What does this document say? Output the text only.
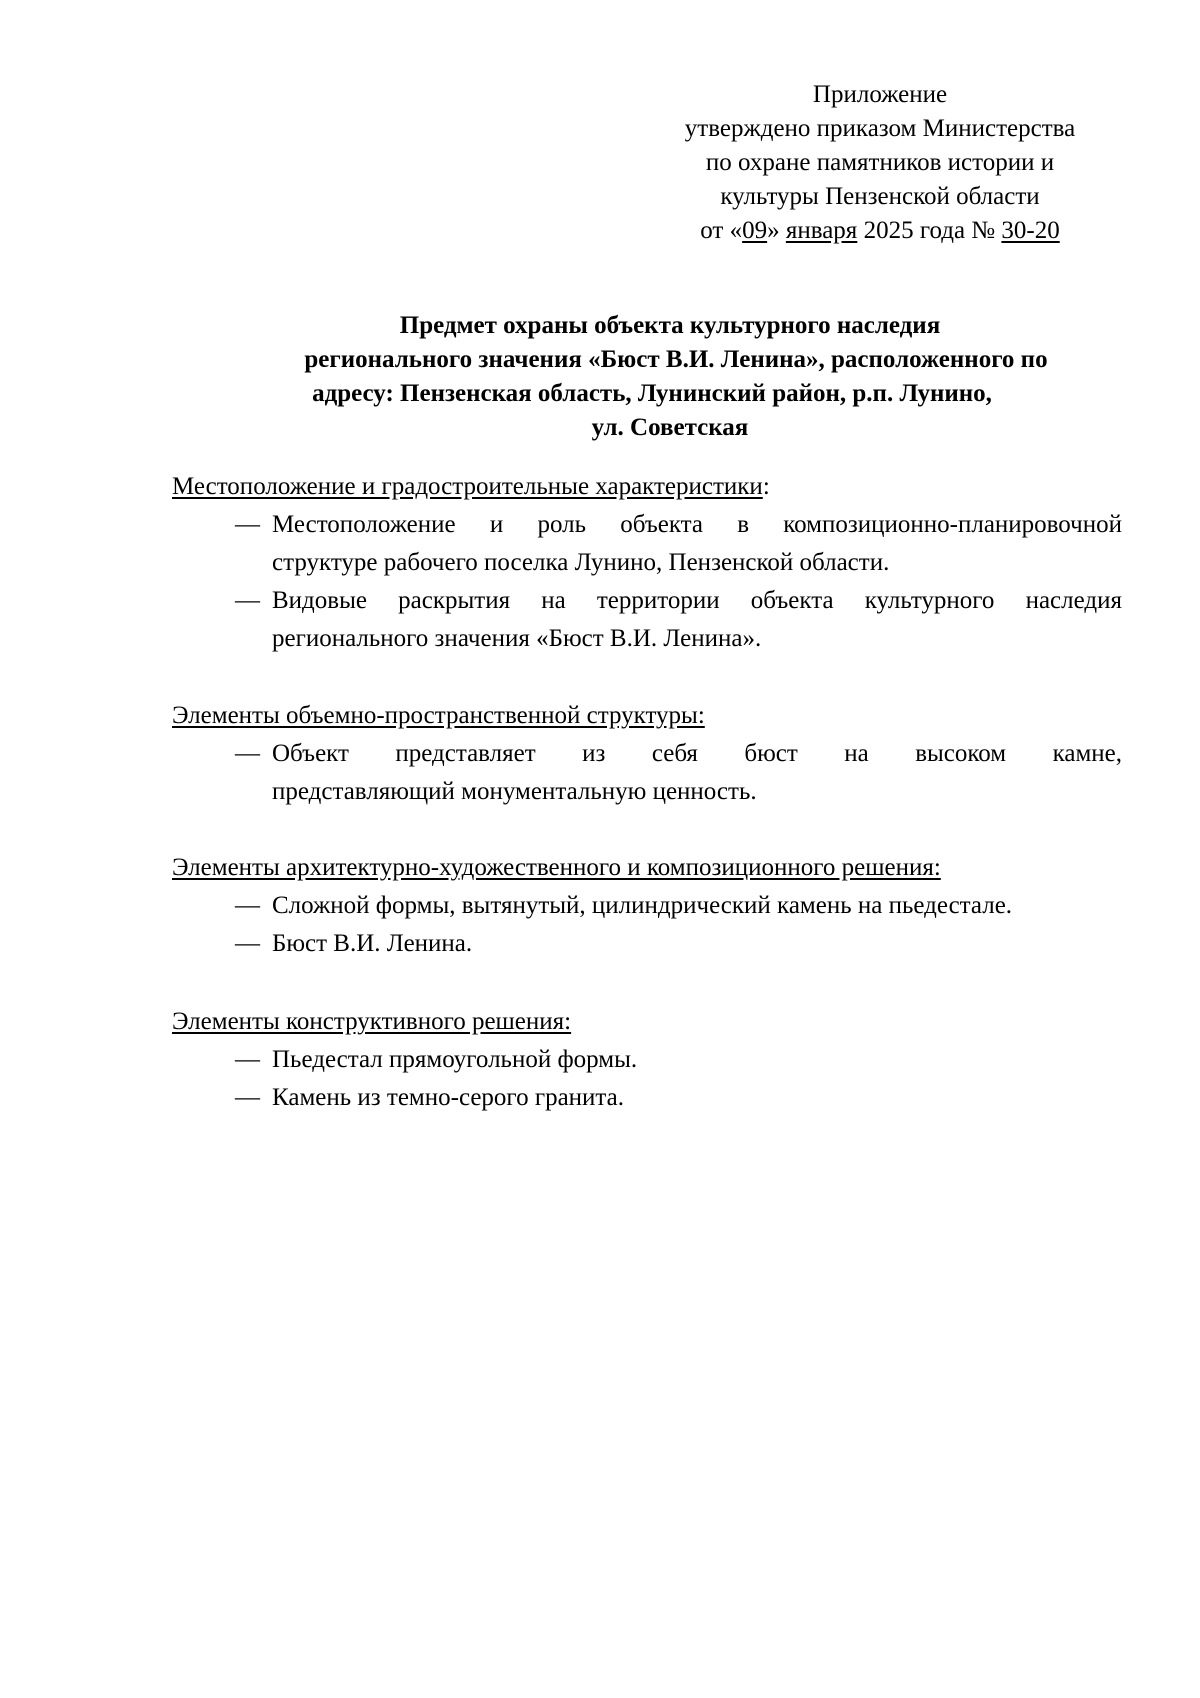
Приложение
утверждено приказом Министерства
по охране памятников истории и
культуры Пензенской области
от «09» января 2025 года № 30-20
Предмет охраны объекта культурного наследия
регионального значения «Бюст В.И. Ленина», расположенного по
адресу: Пензенская область, Лунинский район, р.п. Лунино,
ул. Советская
Местоположение и градостроительные характеристики:
— Местоположение и роль объекта в композиционно-планировочной
структуре рабочего поселка Лунино, Пензенской области.
— Видовые раскрытия на территории объекта культурного наследия
регионального значения «Бюст В.И. Ленина».
Элементы объемно-пространственной структуры:
— Объект представляет из себя бюст на высоком камне,
представляющий монументальную ценность.
Элементы архитектурно-художественного и композиционного решения:
— Сложной формы, вытянутый, цилиндрический камень на пьедестале.
— Бюст В.И. Ленина.
Элементы конструктивного решения:
— Пьедестал прямоугольной формы.
— Камень из темно-серого гранита.
